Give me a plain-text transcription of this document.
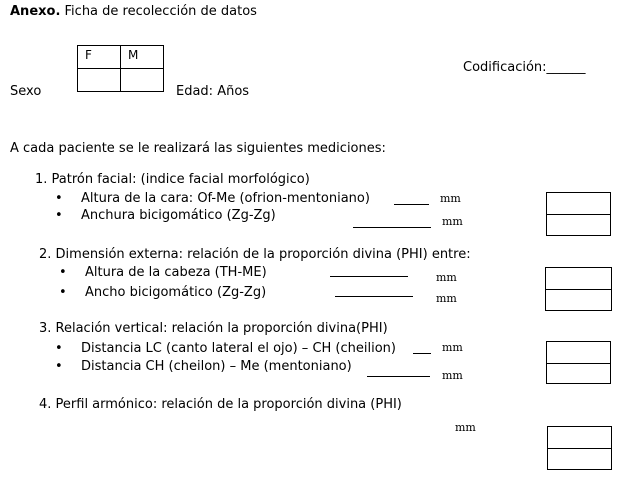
Anexo. Ficha de recolección de datos
Sexo
F	M

Edad: Años
Codificación:______
A cada paciente se le realizará las siguientes mediciones:
1. Patrón facial: (indice facial morfológico)
• Altura de la cara: Of-Me (ofrion-mentoniano)
• Anchura bicigomático (Zg-Zg)
mm
mm
2. Dimensión externa: relación de la proporción divina (PHI) entre:
• Altura de la cabeza (TH-ME)
• Ancho bicigomático (Zg-Zg)
mm
mm
3. Relación vertical: relación la proporción divina(PHI)
• Distancia LC (canto lateral el ojo) – CH (cheilion)
• Distancia CH (cheilon) – Me (mentoniano)
mm
mm
4. Perfil armónico: relación de la proporción divina (PHI)
mm
